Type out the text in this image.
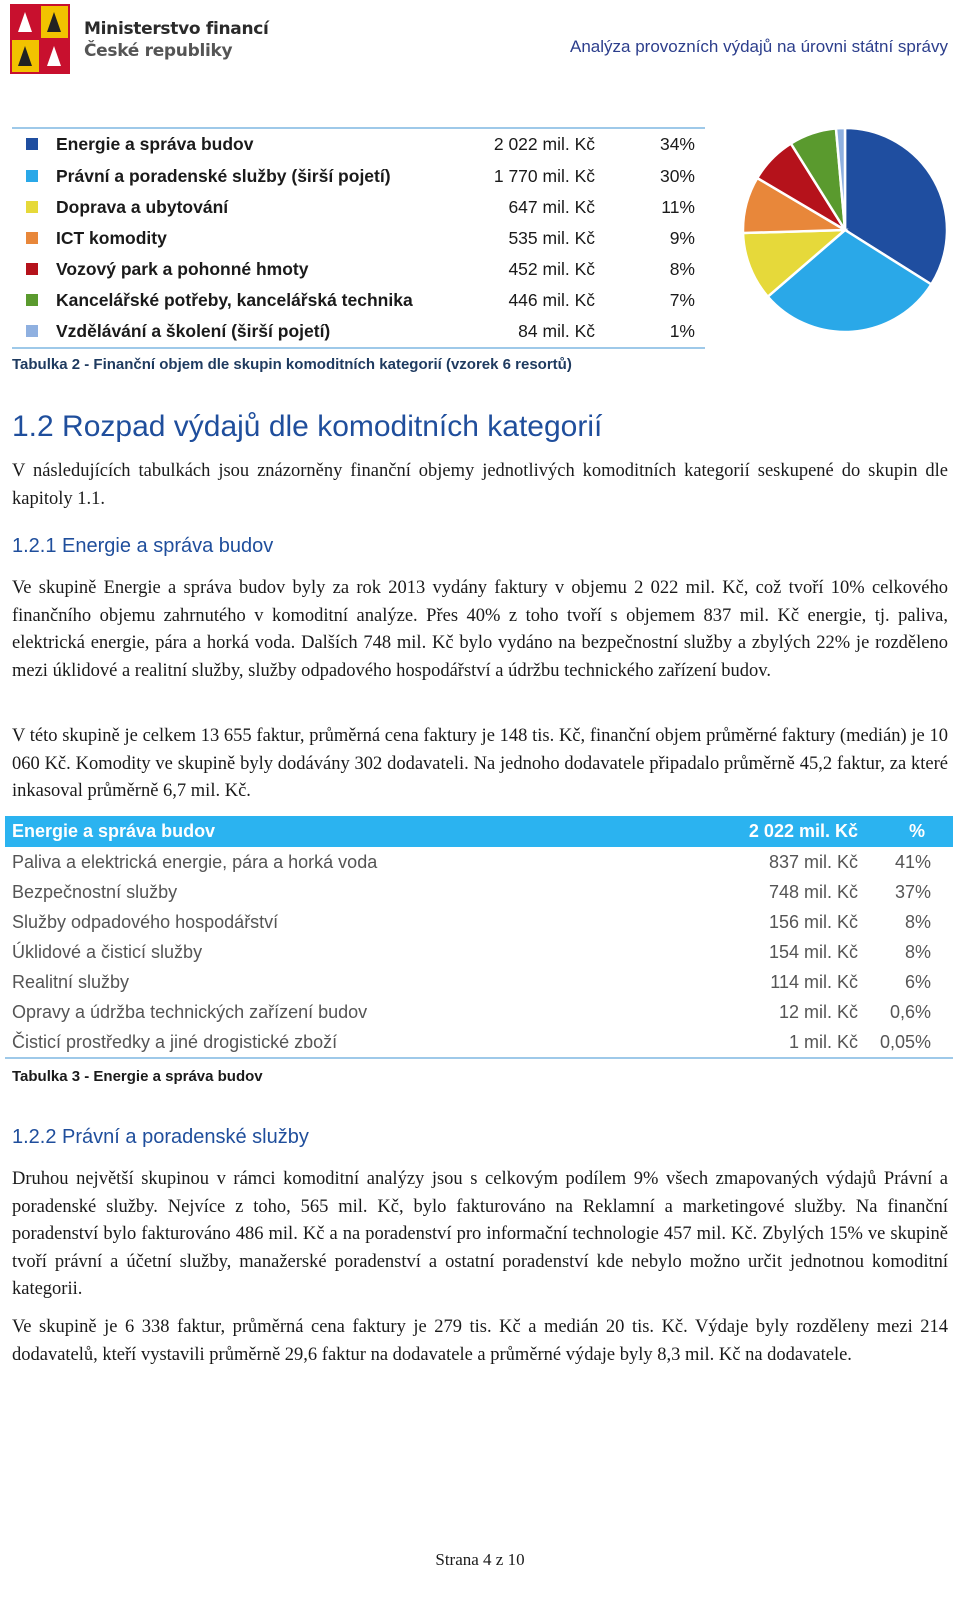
Ministerstvo financí
České republiky	Analýza provozních výdajů na úrovni státní správy
Energie a správa budov	2 022 mil. Kč	34%
Právní a poradenské služby (širší pojetí)	1 770 mil. Kč	30%
Doprava a ubytování	647 mil. Kč	11%
ICT komodity	535 mil. Kč	9%
Vozový park a pohonné hmoty	452 mil. Kč	8%
Kancelářské potřeby, kancelářská technika	446 mil. Kč	7%
Vzdělávání a školení (širší pojetí)	84 mil. Kč	1%
Tabulka 2 - Finanční objem dle skupin komoditních kategorií (vzorek 6 resortů)
1.2 Rozpad výdajů dle komoditních kategorií
V následujících tabulkách jsou znázorněny finanční objemy jednotlivých komoditních kategorií seskupené do skupin dle kapitoly 1.1.
1.2.1 Energie a správa budov
Ve skupině Energie a správa budov byly za rok 2013 vydány faktury v objemu 2 022 mil. Kč, což tvoří 10% celkového finančního objemu zahrnutého v komoditní analýze. Přes 40% z toho tvoří s objemem 837 mil. Kč energie, tj. paliva, elektrická energie, pára a horká voda. Dalších 748 mil. Kč bylo vydáno na bezpečnostní služby a zbylých 22% je rozděleno mezi úklidové a realitní služby, služby odpadového hospodářství a údržbu technického zařízení budov.
V této skupině je celkem 13 655 faktur, průměrná cena faktury je 148 tis. Kč, finanční objem průměrné faktury (medián) je 10 060 Kč. Komodity ve skupině byly dodávány 302 dodavateli. Na jednoho dodavatele připadalo průměrně 45,2 faktur, za které inkasoval průměrně 6,7 mil. Kč.
Energie a správa budov	2 022 mil. Kč	%
Paliva a elektrická energie, pára a horká voda	837 mil. Kč 41%
Bezpečnostní služby	748 mil. Kč 37%
Služby odpadového hospodářství	156 mil. Kč	8%
Úklidové a čisticí služby	154 mil. Kč	8%
Realitní služby	114 mil. Kč	6%
Opravy a údržba technických zařízení budov	12 mil. Kč 0,6%
Čisticí prostředky a jiné drogistické zboží	1 mil. Kč 0,05%
Tabulka 3 - Energie a správa budov
1.2.2 Právní a poradenské služby
Druhou největší skupinou v rámci komoditní analýzy jsou s celkovým podílem 9% všech zmapovaných výdajů Právní a poradenské služby. Nejvíce z toho, 565 mil. Kč, bylo fakturováno na Reklamní a marketingové služby. Na finanční poradenství bylo fakturováno 486 mil. Kč a na poradenství pro informační technologie 457 mil. Kč. Zbylých 15% ve skupině tvoří právní a účetní služby, manažerské poradenství a ostatní poradenství kde nebylo možno určit jednotnou komoditní kategorii.
Ve skupině je 6 338 faktur, průměrná cena faktury je 279 tis. Kč a medián 20 tis. Kč. Výdaje byly rozděleny mezi 214 dodavatelů, kteří vystavili průměrně 29,6 faktur na dodavatele a průměrné výdaje byly 8,3 mil. Kč na dodavatele.
Strana 4 z 10
